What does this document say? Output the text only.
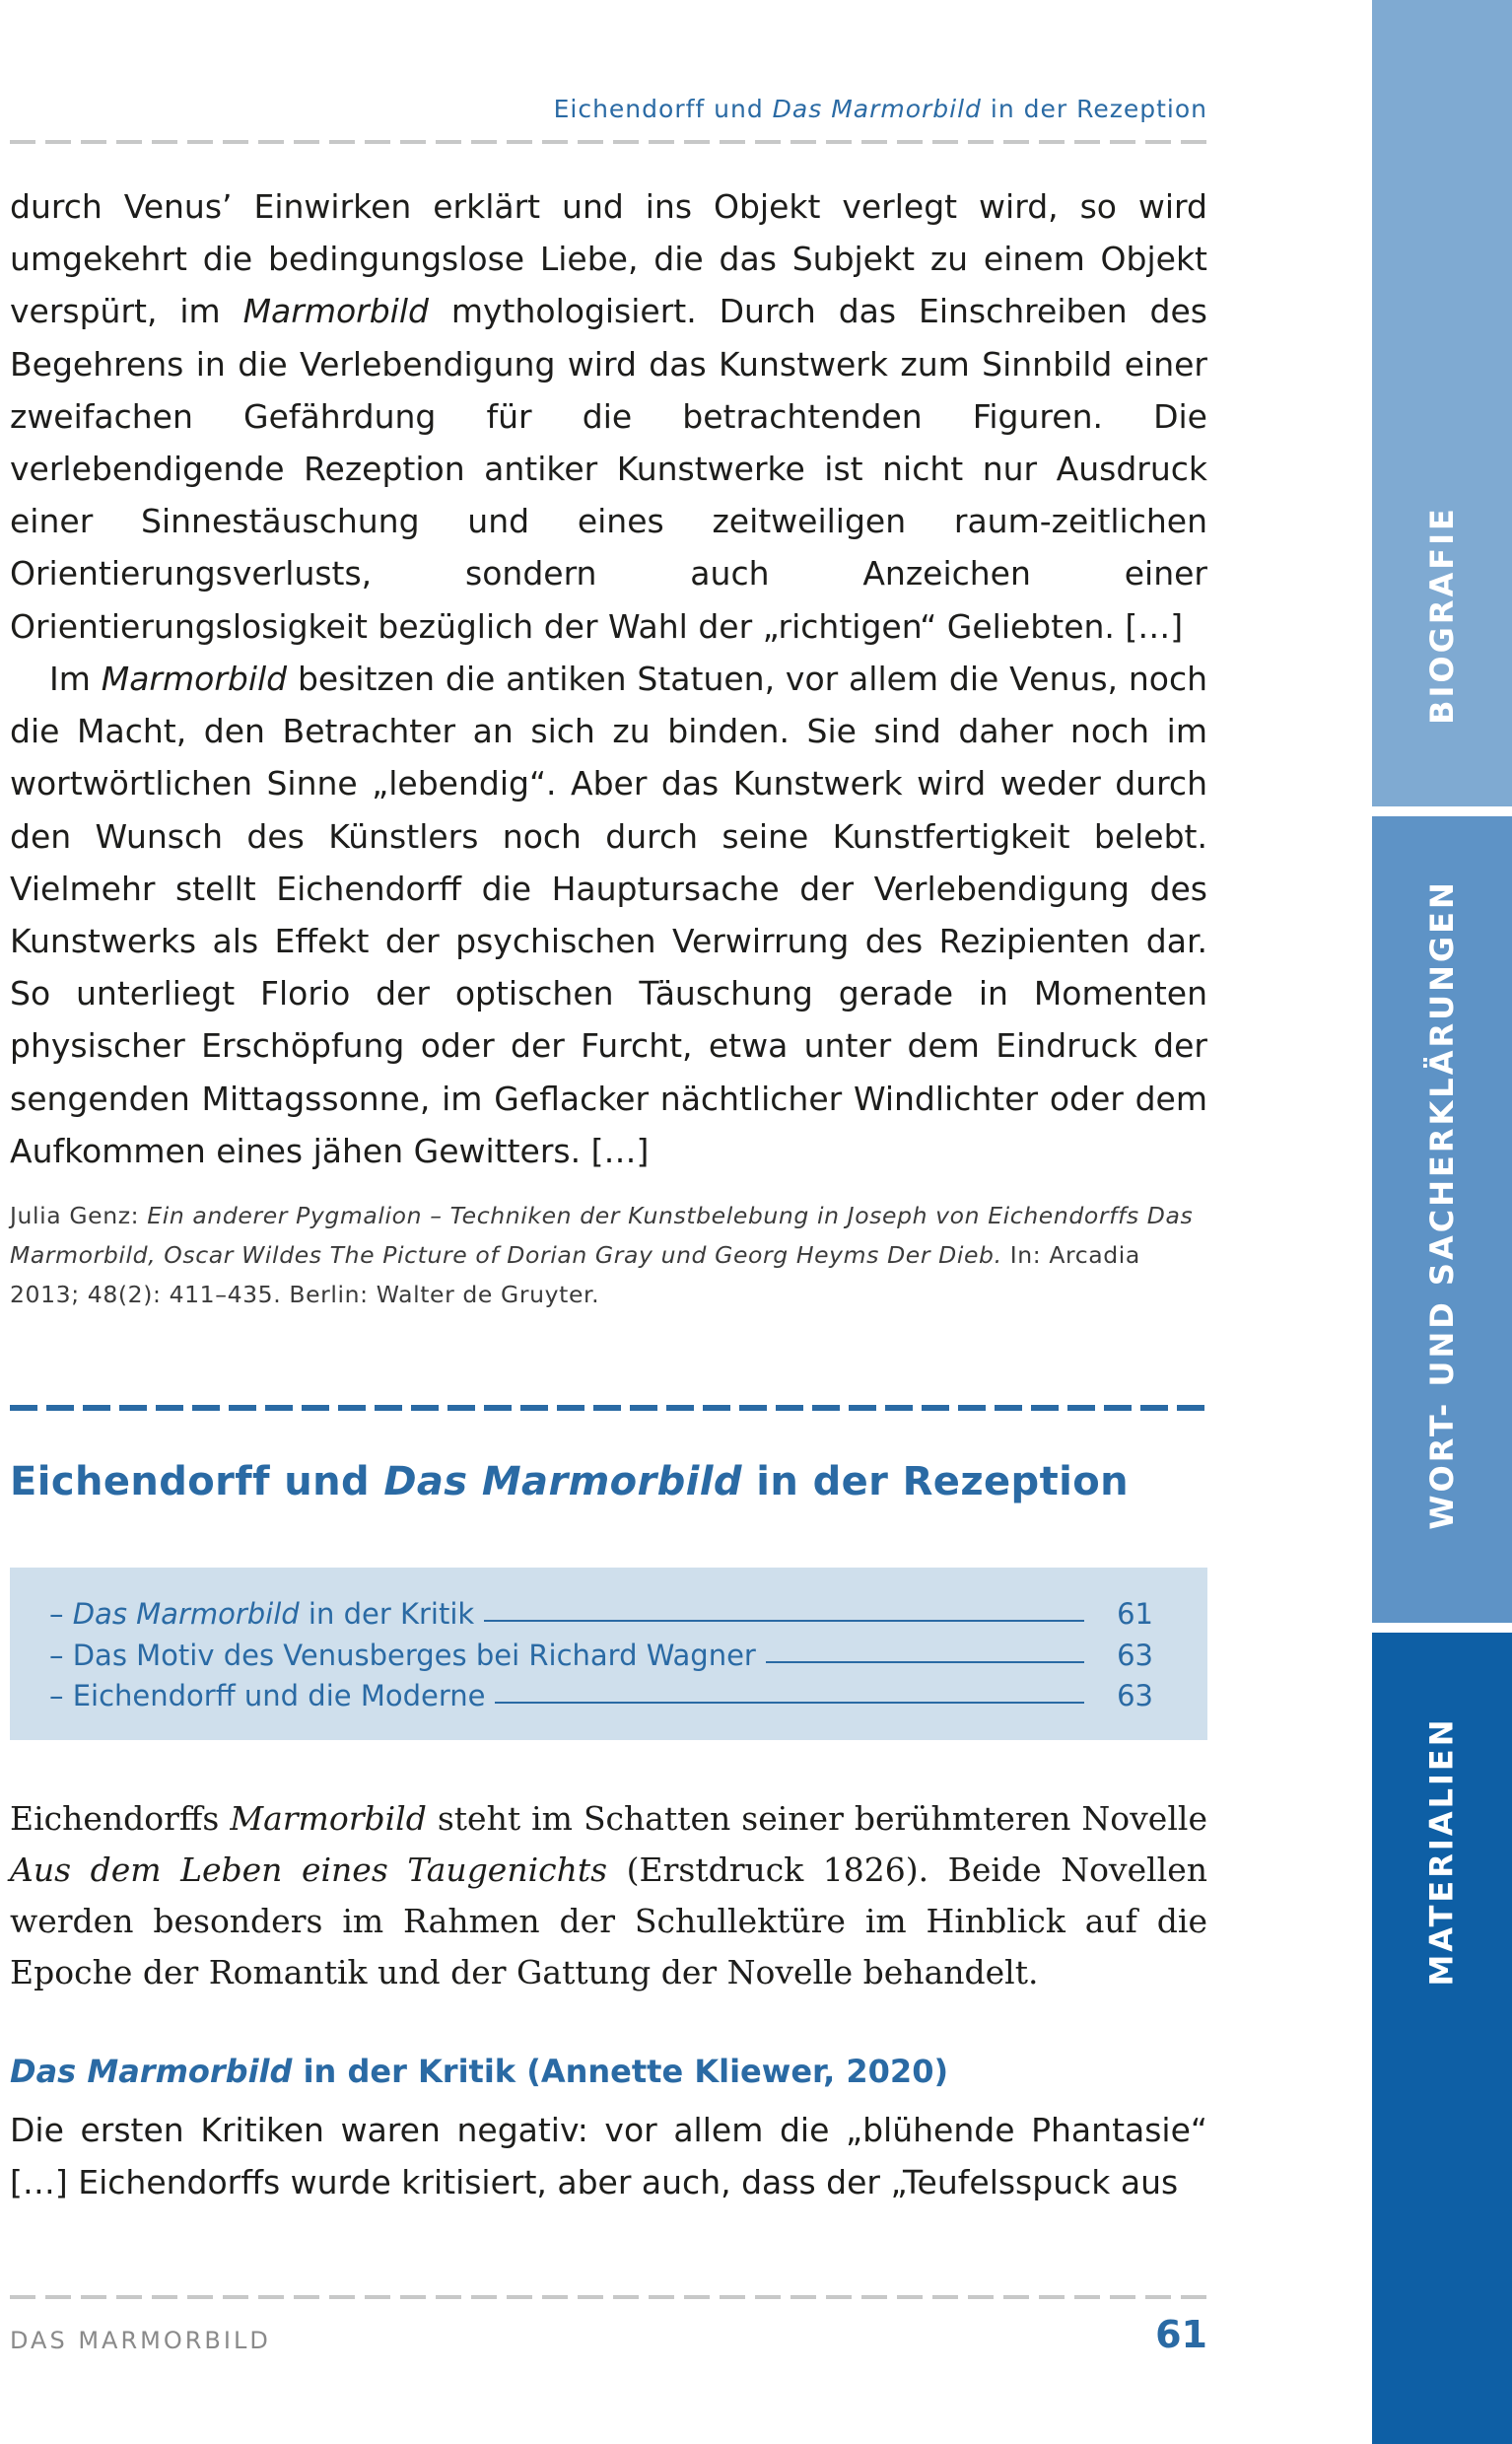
Eichendorff und Das Marmorbild in der Rezeption
durch Venus’ Einwirken erklärt und ins Objekt verlegt wird, so wird umgekehrt die bedingungslose Liebe, die das Subjekt zu einem Objekt verspürt, im Marmorbild mythologisiert. Durch das Einschreiben des Begehrens in die Verlebendigung wird das Kunstwerk zum Sinnbild einer zweifachen Gefährdung für die betrachtenden Figuren. Die verlebendigende Rezeption antiker Kunstwerke ist nicht nur Ausdruck einer Sinnestäuschung und eines zeitweiligen raum-zeitlichen Orientierungsverlusts, sondern auch Anzeichen einer Orientierungslosigkeit bezüglich der Wahl der „richtigen“ Geliebten. […]
Im Marmorbild besitzen die antiken Statuen, vor allem die Venus, noch die Macht, den Betrachter an sich zu binden. Sie sind daher noch im wortwörtlichen Sinne „lebendig“. Aber das Kunstwerk wird weder durch den Wunsch des Künstlers noch durch seine Kunstfertigkeit belebt. Vielmehr stellt Eichendorff die Hauptursache der Verlebendigung des Kunstwerks als Effekt der psychischen Verwirrung des Rezipienten dar. So unterliegt Florio der optischen Täuschung gerade in Momenten physischer Erschöpfung oder der Furcht, etwa unter dem Eindruck der sengenden Mittagssonne, im Geflacker nächtlicher Windlichter oder dem Aufkommen eines jähen Gewitters. […]
Julia Genz: Ein anderer Pygmalion – Techniken der Kunstbelebung in Joseph von Eichendorffs Das Marmorbild, Oscar Wildes The Picture of Dorian Gray und Georg Heyms Der Dieb. In: Arcadia 2013; 48(2): 411–435. Berlin: Walter de Gruyter.
Eichendorff und Das Marmorbild in der Rezeption
– Das Marmorbild in der Kritik	61
– Das Motiv des Venusberges bei Richard Wagner	63
– Eichendorff und die Moderne	63
Eichendorffs Marmorbild steht im Schatten seiner berühmteren Novelle Aus dem Leben eines Taugenichts (Erstdruck 1826). Beide Novellen werden besonders im Rahmen der Schullektüre im Hinblick auf die Epoche der Romantik und der Gattung der Novelle behandelt.
Das Marmorbild in der Kritik (Annette Kliewer, 2020)
Die ersten Kritiken waren negativ: vor allem die „blühende Phantasie“ […] Eichendorffs wurde kritisiert, aber auch, dass der „Teufelsspuck aus
DAS MARMORBILD	61
BIOGRAFIE
WORT- UND SACHERKLÄRUNGEN
MATERIALIEN
